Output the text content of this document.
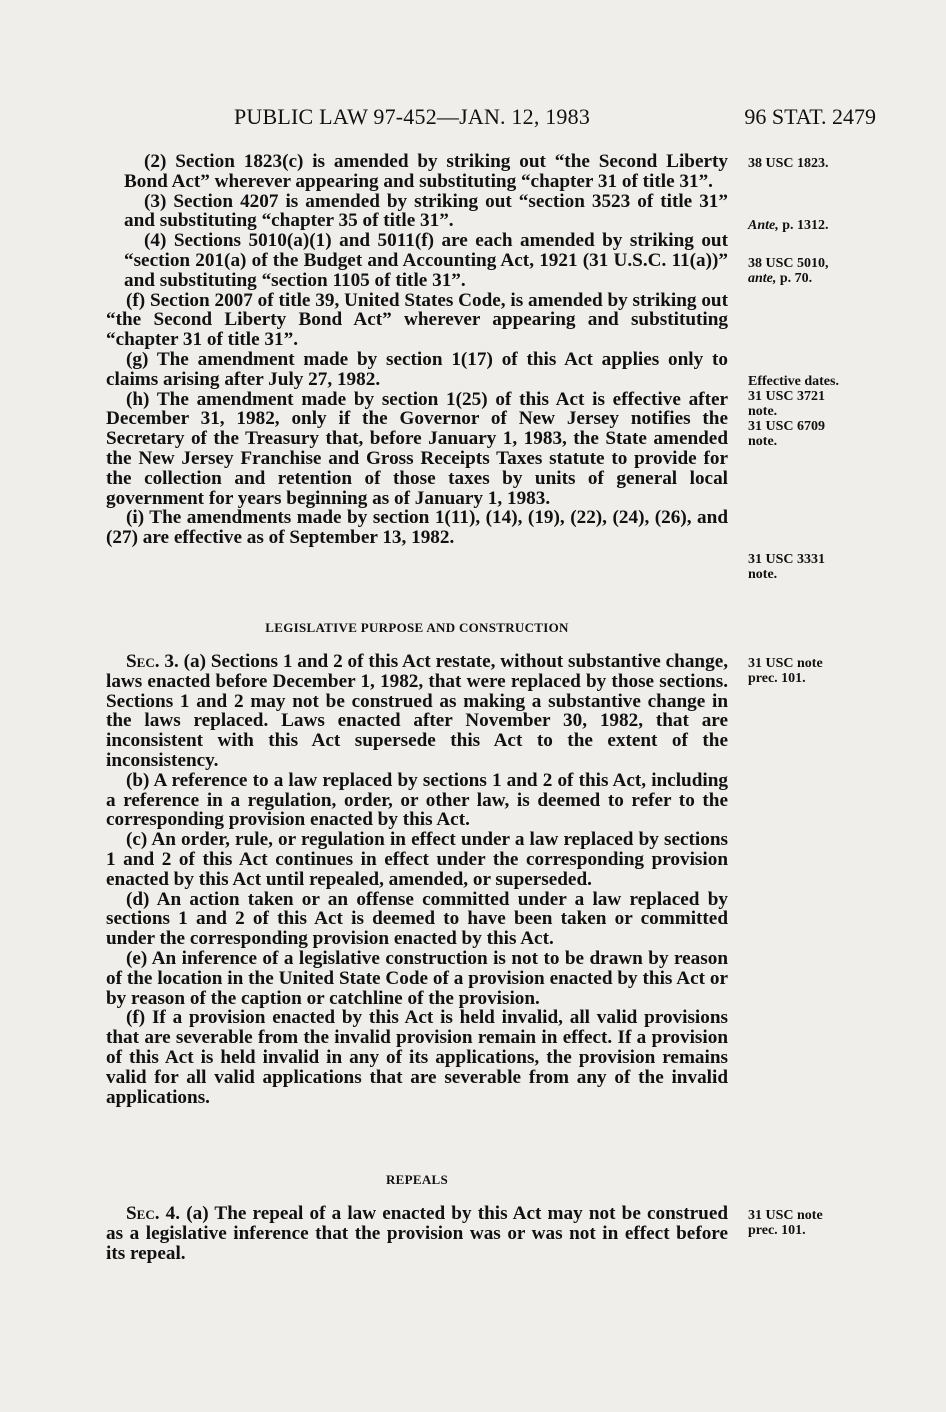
PUBLIC LAW 97-452—JAN. 12, 1983	96 STAT. 2479

(2) Section 1823(c) is amended by striking out “the Second Liberty Bond Act” wherever appearing and substituting “chapter 31 of title 31”.

(3) Section 4207 is amended by striking out “section 3523 of title 31” and substituting “chapter 35 of title 31”.

(4) Sections 5010(a)(1) and 5011(f) are each amended by striking out “section 201(a) of the Budget and Accounting Act, 1921 (31 U.S.C. 11(a))” and substituting “section 1105 of title 31”.

(f) Section 2007 of title 39, United States Code, is amended by striking out “the Second Liberty Bond Act” wherever appearing and substituting “chapter 31 of title 31”.

(g) The amendment made by section 1(17) of this Act applies only to claims arising after July 27, 1982.

(h) The amendment made by section 1(25) of this Act is effective after December 31, 1982, only if the Governor of New Jersey notifies the Secretary of the Treasury that, before January 1, 1983, the State amended the New Jersey Franchise and Gross Receipts Taxes statute to provide for the collection and retention of those taxes by units of general local government for years beginning as of January 1, 1983.

(i) The amendments made by section 1(11), (14), (19), (22), (24), (26), and (27) are effective as of September 13, 1982.

LEGISLATIVE PURPOSE AND CONSTRUCTION

Sec. 3. (a) Sections 1 and 2 of this Act restate, without substantive change, laws enacted before December 1, 1982, that were replaced by those sections. Sections 1 and 2 may not be construed as making a substantive change in the laws replaced. Laws enacted after November 30, 1982, that are inconsistent with this Act supersede this Act to the extent of the inconsistency.

(b) A reference to a law replaced by sections 1 and 2 of this Act, including a reference in a regulation, order, or other law, is deemed to refer to the corresponding provision enacted by this Act.

(c) An order, rule, or regulation in effect under a law replaced by sections 1 and 2 of this Act continues in effect under the corresponding provision enacted by this Act until repealed, amended, or superseded.

(d) An action taken or an offense committed under a law replaced by sections 1 and 2 of this Act is deemed to have been taken or committed under the corresponding provision enacted by this Act.

(e) An inference of a legislative construction is not to be drawn by reason of the location in the United State Code of a provision enacted by this Act or by reason of the caption or catchline of the provision.

(f) If a provision enacted by this Act is held invalid, all valid provisions that are severable from the invalid provision remain in effect. If a provision of this Act is held invalid in any of its applications, the provision remains valid for all valid applications that are severable from any of the invalid applications.

REPEALS

Sec. 4. (a) The repeal of a law enacted by this Act may not be construed as a legislative inference that the provision was or was not in effect before its repeal.

38 USC 1823.
Ante, p. 1312.
38 USC 5010,
ante, p. 70.
Effective dates.
31 USC 3721
note.
31 USC 6709
note.
31 USC 3331
note.
31 USC note
prec. 101.
31 USC note
prec. 101.
